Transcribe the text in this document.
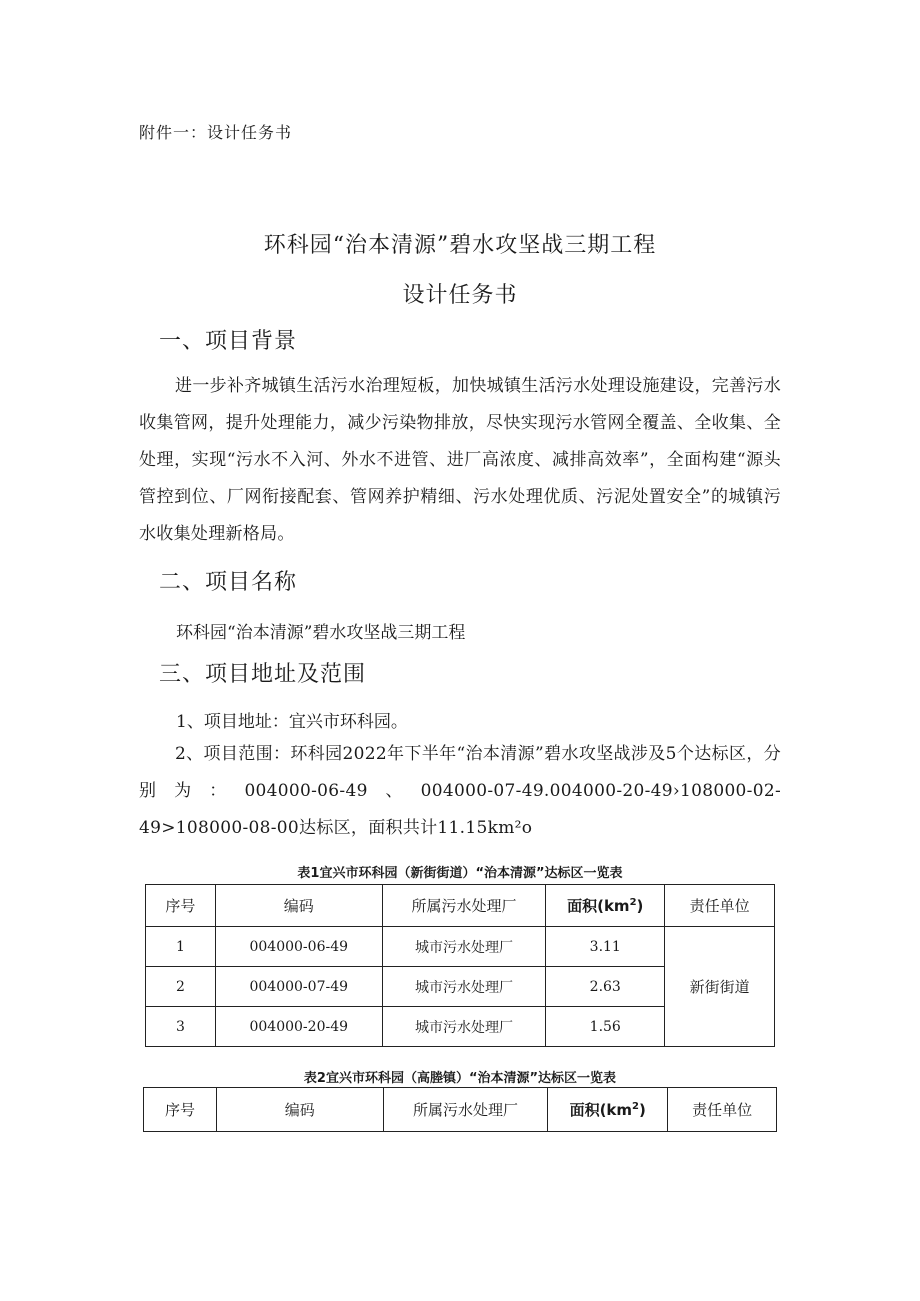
附件一：设计任务书
环科园“治本清源”碧水攻坚战三期工程
设计任务书
一、项目背景
进一步补齐城镇生活污水治理短板，加快城镇生活污水处理设施建设，完善污水收集管网，提升处理能力，减少污染物排放，尽快实现污水管网全覆盖、全收集、全处理，实现“污水不入河、外水不进管、进厂高浓度、减排高效率”，全面构建“源头管控到位、厂网衔接配套、管网养护精细、污水处理优质、污泥处置安全”的城镇污水收集处理新格局。
二、项目名称
环科园“治本清源”碧水攻坚战三期工程
三、项目地址及范围
1、项目地址：宜兴市环科园。
2、项目范围：环科园2022年下半年“治本清源”碧水攻坚战涉及5个达标区，分别为：004000-06-49、004000-07-49.004000-20-49›108000-02-49>108000-08-00达标区，面积共计11.15km²o
表1宜兴市环科园（新街街道）“治本清源”达标区一览表
序号	编码	所属污水处理厂	面积$(km^2)$	责任单位
1	004000-06-49	城市污水处理厂	3.11	新街街道
2	004000-07-49	城市污水处理厂	2.63	
3	004000-20-49	城市污水处理厂	1.56	
表2宜兴市环科园（高塍镇）“治本清源”达标区一览表
序号	编码	所属污水处理厂	面积$(km^2)$	责任单位
